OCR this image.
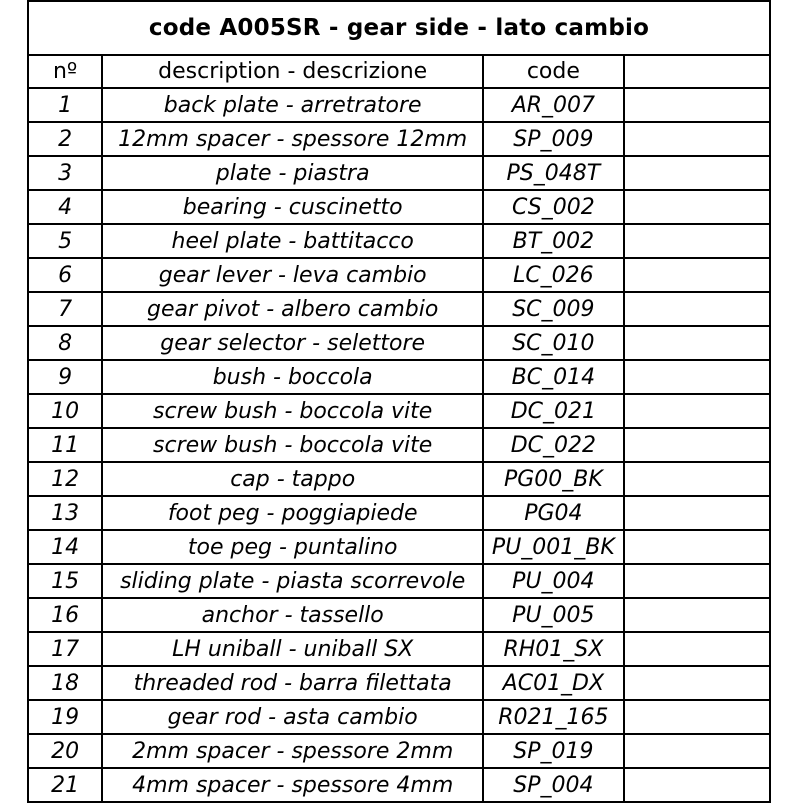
code A005SR - gear side - lato cambio			
nº	description - descrizione	code	
1	back plate - arretratore	AR_007	
2	12mm spacer - spessore 12mm	SP_009	
3	plate - piastra	PS_048T	
4	bearing - cuscinetto	CS_002	
5	heel plate - battitacco	BT_002	
6	gear lever - leva cambio	LC_026	
7	gear pivot - albero cambio	SC_009	
8	gear selector - selettore	SC_010	
9	bush - boccola	BC_014	
10	screw bush - boccola vite	DC_021	
11	screw bush - boccola vite	DC_022	
12	cap - tappo	PG00_BK	
13	foot peg - poggiapiede	PG04	
14	toe peg - puntalino	PU_001_BK	
15	sliding plate - piasta scorrevole	PU_004	
16	anchor - tassello	PU_005	
17	LH uniball - uniball SX	RH01_SX	
18	threaded rod - barra filettata	AC01_DX	
19	gear rod - asta cambio	R021_165	
20	2mm spacer - spessore 2mm	SP_019	
21	4mm spacer - spessore 4mm	SP_004	
